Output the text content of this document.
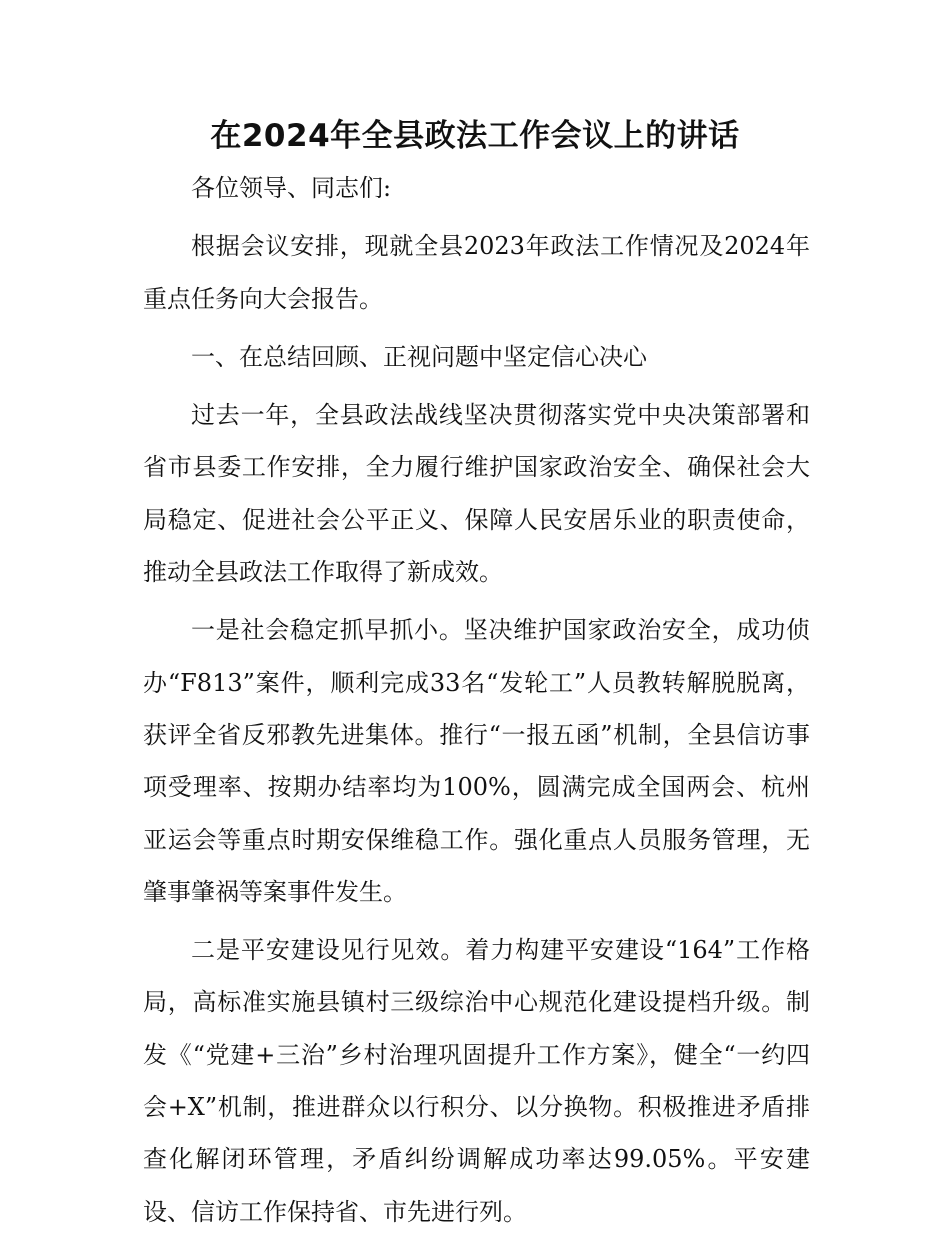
在2024年全县政法工作会议上的讲话

各位领导、同志们:

根据会议安排，现就全县2023年政法工作情况及2024年重点任务向大会报告。

一、在总结回顾、正视问题中坚定信心决心

过去一年，全县政法战线坚决贯彻落实党中央决策部署和省市县委工作安排，全力履行维护国家政治安全、确保社会大局稳定、促进社会公平正义、保障人民安居乐业的职责使命，推动全县政法工作取得了新成效。

一是社会稳定抓早抓小。坚决维护国家政治安全，成功侦办“F813”案件，顺利完成33名“发轮工”人员教转解脱脱离，获评全省反邪教先进集体。推行“一报五函”机制，全县信访事项受理率、按期办结率均为100%，圆满完成全国两会、杭州亚运会等重点时期安保维稳工作。强化重点人员服务管理，无肇事肇祸等案事件发生。

二是平安建设见行见效。着力构建平安建设“164”工作格局，高标准实施县镇村三级综治中心规范化建设提档升级。制发《“党建+三治”乡村治理巩固提升工作方案》，健全“一约四会+X”机制，推进群众以行积分、以分换物。积极推进矛盾排查化解闭环管理，矛盾纠纷调解成功率达99.05%。平安建设、信访工作保持省、市先进行列。
